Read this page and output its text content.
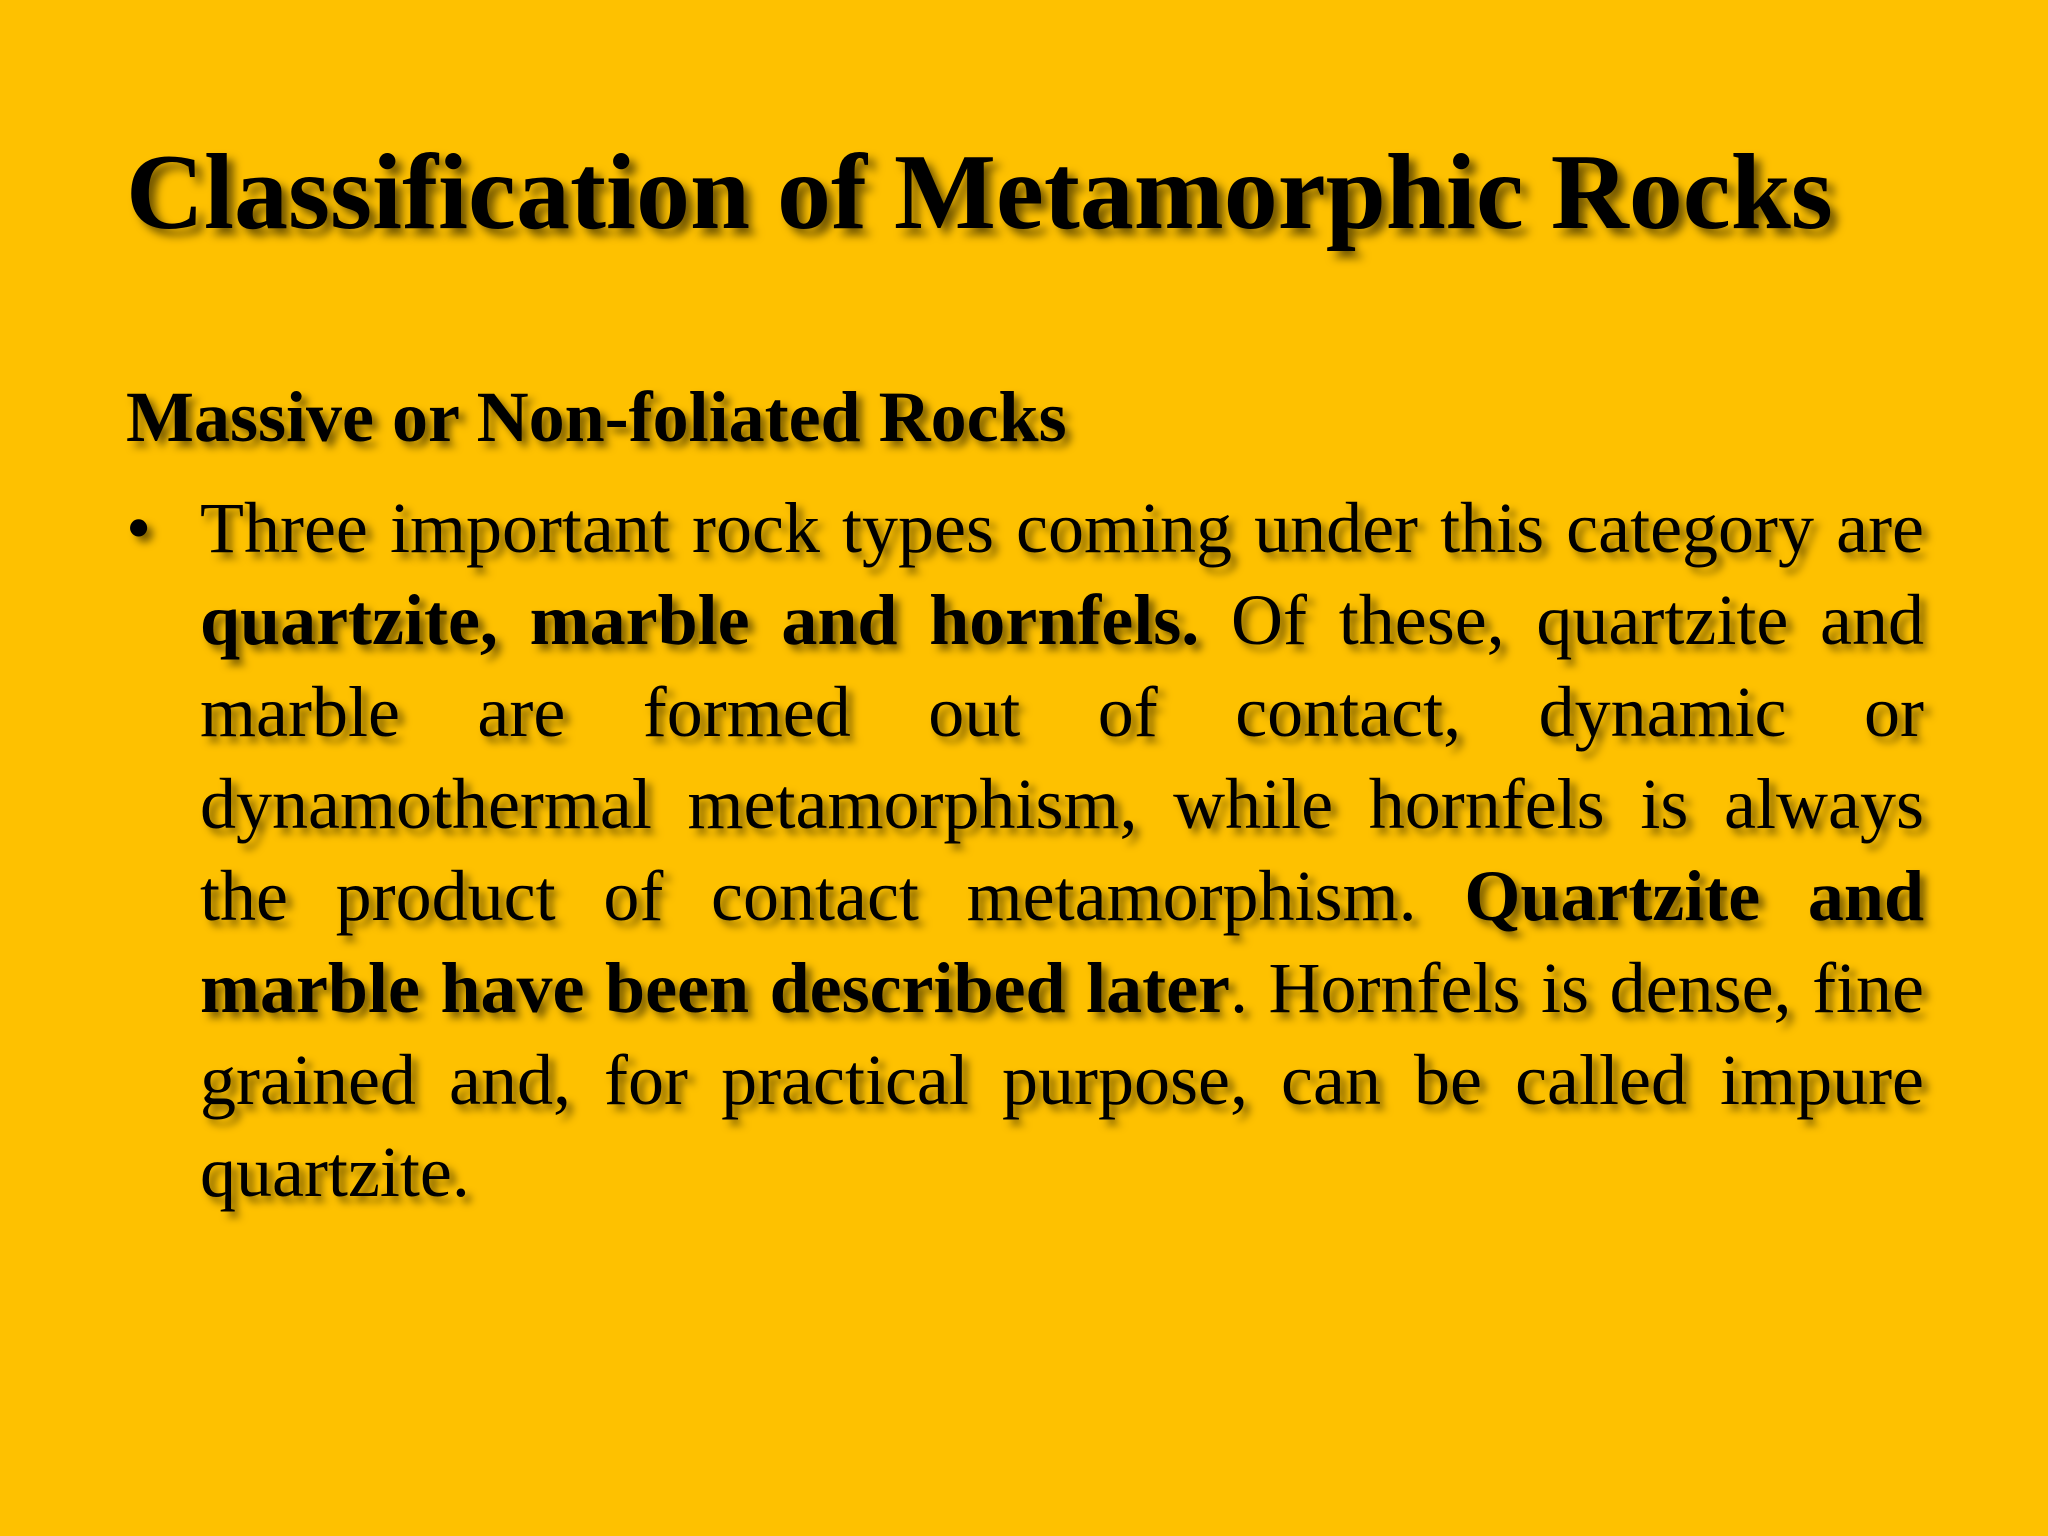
Classification of Metamorphic Rocks
Massive or Non-foliated Rocks
• Three important rock types coming under this category are quartzite, marble and hornfels. Of these, quartzite and marble are formed out of contact, dynamic or dynamothermal metamorphism, while hornfels is always the product of contact metamorphism. Quartzite and marble have been described later. Hornfels is dense, fine grained and, for practical purpose, can be called impure quartzite.
